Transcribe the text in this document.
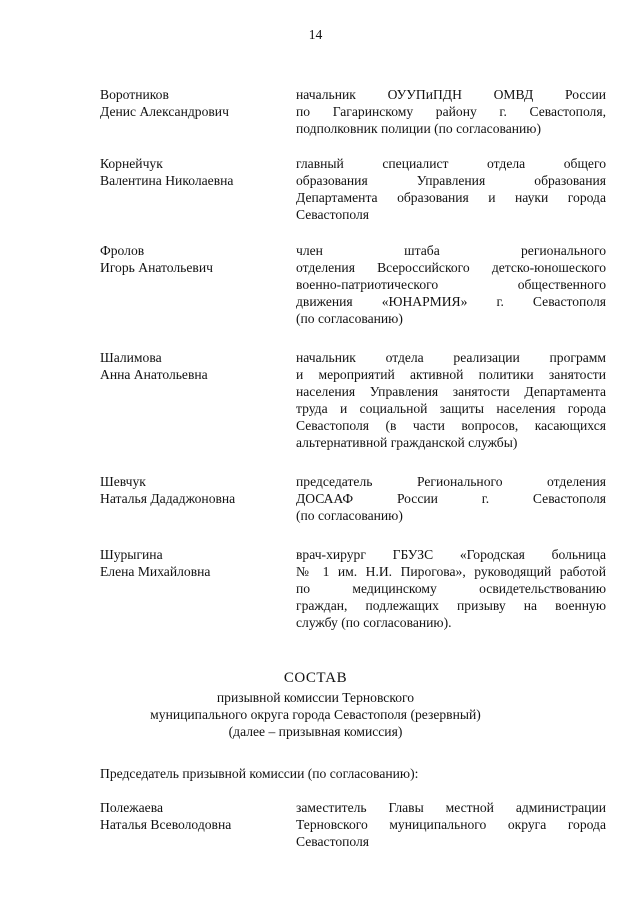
14
Воротников
Денис Александрович
начальник ОУУПиПДН ОМВД России
по Гагаринскому району г. Севастополя,
подполковник полиции (по согласованию)
Корнейчук
Валентина Николаевна
главный специалист отдела общего
образования Управления образования
Департамента образования и науки города
Севастополя
Фролов
Игорь Анатольевич
член штаба регионального
отделения Всероссийского детско-юношеского
военно-патриотического общественного
движения «ЮНАРМИЯ» г. Севастополя
(по согласованию)
Шалимова
Анна Анатольевна
начальник отдела реализации программ
и мероприятий активной политики занятости
населения Управления занятости Департамента
труда и социальной защиты населения города
Севастополя (в части вопросов, касающихся
альтернативной гражданской службы)
Шевчук
Наталья Дададжоновна
председатель Регионального отделения
ДОСААФ России г. Севастополя
(по согласованию)
Шурыгина
Елена Михайловна
врач-хирург ГБУЗС «Городская больница
№ 1 им. Н.И. Пирогова», руководящий работой
по медицинскому освидетельствованию
граждан, подлежащих призыву на военную
службу (по согласованию).
СОСТАВ
призывной комиссии Терновского
муниципального округа города Севастополя (резервный)
(далее – призывная комиссия)
Председатель призывной комиссии (по согласованию):
Полежаева
Наталья Всеволодовна
заместитель Главы местной администрации
Терновского муниципального округа города
Севастополя
